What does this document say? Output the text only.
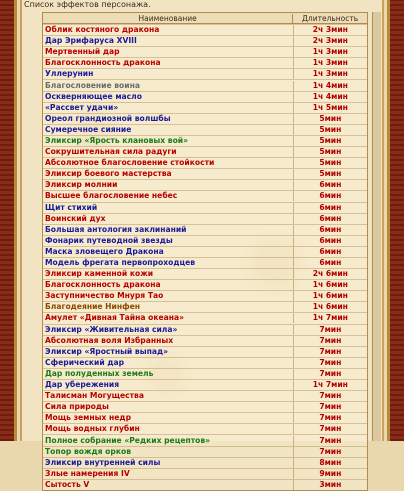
Список эффектов персонажа.
Наименование	Длительность
Облик костяного дракона	2ч 3мин
Дар Эрифаруса XVIII	2ч 3мин
Мертвенный дар	1ч 3мин
Благосклонность дракона	1ч 3мин
Уллерунин	1ч 3мин
Благословение воина	1ч 4мин
Оскверняющее масло	1ч 4мин
«Рассвет удачи»	1ч 5мин
Ореол грандиозной волшбы	5мин
Сумеречное сияние	5мин
Эликсир «Ярость клановых вой»	5мин
Сокрушительная сила радуги	5мин
Абсолютное благословение стойкости	5мин
Эликсир боевого мастерства	5мин
Эликсир молнии	6мин
Высшее благословение небес	6мин
Щит стихий	6мин
Воинский дух	6мин
Большая антология заклинаний	6мин
Фонарик путеводной звезды	6мин
Маска зловещего Дракона	6мин
Модель фрегата первопроходцев	6мин
Эликсир каменной кожи	2ч 6мин
Благосклонность дракона	1ч 6мин
Заступничество Мнуря Тао	1ч 6мин
Благодеяние Нинфен	1ч 6мин
Амулет «Дивная Тайна океана»	1ч 7мин
Эликсир «Живительная сила»	7мин
Абсолютная воля Избранных	7мин
Эликсир «Яростный выпад»	7мин
Сферический дар	7мин
Дар полуденных земель	7мин
Дар убережения	1ч 7мин
Талисман Могущества	7мин
Сила природы	7мин
Мощь земных недр	7мин
Мощь водных глубин	7мин
Полное собрание «Редких рецептов»	7мин
Топор вождя орков	7мин
Эликсир внутренней силы	8мин
Злые намерения IV	9мин
Сытость V	3мин
